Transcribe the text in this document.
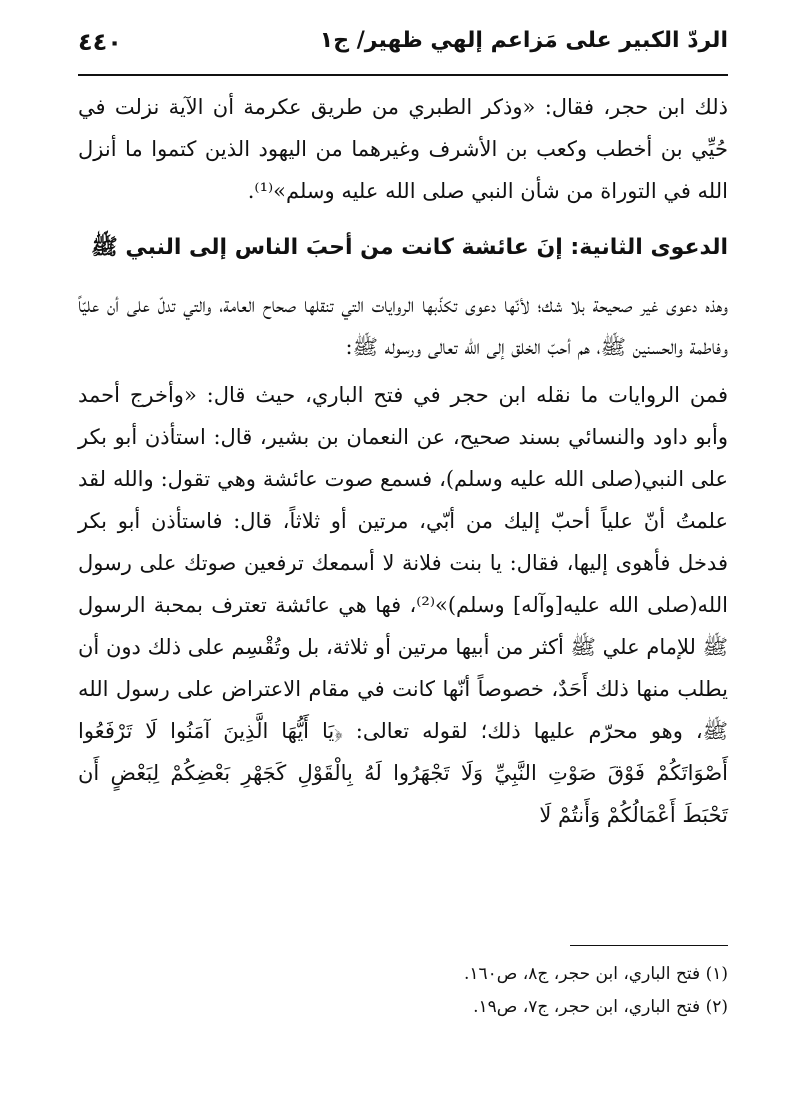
الردّ الكبير على مَزاعم إلهي ظهير/ ج١
٤٤٠

ذلك ابن حجر، فقال: «وذكر الطبري من طريق عكرمة أن الآية نزلت في حُيِّي بن أخطب وكعب بن الأشرف وغيرهما من اليهود الذين كتموا ما أنزل الله في التوراة من شأن النبي صلى الله عليه وسلم»⁽¹⁾.

الدعوى الثانية: إنَ عائشة كانت من أحبَ الناس إلى النبي ﷺ

وهذه دعوى غير صحيحة بلا شك؛ لأنّها دعوى تكذّبها الروايات التي تنقلها صحاح العامة، والتي تدلّ على أن عليّاً وفاطمة والحسنين ﷺ، هم أحبّ الخلق إلى الله تعالى ورسوله ﷺ:

فمن الروايات ما نقله ابن حجر في فتح الباري، حيث قال: «وأخرج أحمد وأبو داود والنسائي بسند صحيح، عن النعمان بن بشير، قال: استأذن أبو بكر على النبي(صلى الله عليه وسلم)، فسمع صوت عائشة وهي تقول: والله لقد علمتُ أنّ علياً أحبّ إليك من أبّي، مرتين أو ثلاثاً، قال: فاستأذن أبو بكر فدخل فأهوى إليها، فقال: يا بنت فلانة لا أسمعك ترفعين صوتك على رسول الله(صلى الله عليه[وآله] وسلم)»⁽²⁾، فها هي عائشة تعترف بمحبة الرسول ﷺ للإمام علي ﷺ أكثر من أبيها مرتين أو ثلاثة، بل وتُقْسِم على ذلك دون أن يطلب منها ذلك أَحَدٌ، خصوصاً أنّها كانت في مقام الاعتراض على رسول الله ﷺ، وهو محرّم عليها ذلك؛ لقوله تعالى: ﴿يَا أَيُّهَا الَّذِينَ آمَنُوا لَا تَرْفَعُوا أَصْوَاتَكُمْ فَوْقَ صَوْتِ النَّبِيِّ وَلَا تَجْهَرُوا لَهُ بِالْقَوْلِ كَجَهْرِ بَعْضِكُمْ لِبَعْضٍ أَن تَحْبَطَ أَعْمَالُكُمْ وَأَنتُمْ لَا

(١) فتح الباري، ابن حجر، ج٨، ص١٦٠.

(٢) فتح الباري، ابن حجر، ج٧، ص١٩.
